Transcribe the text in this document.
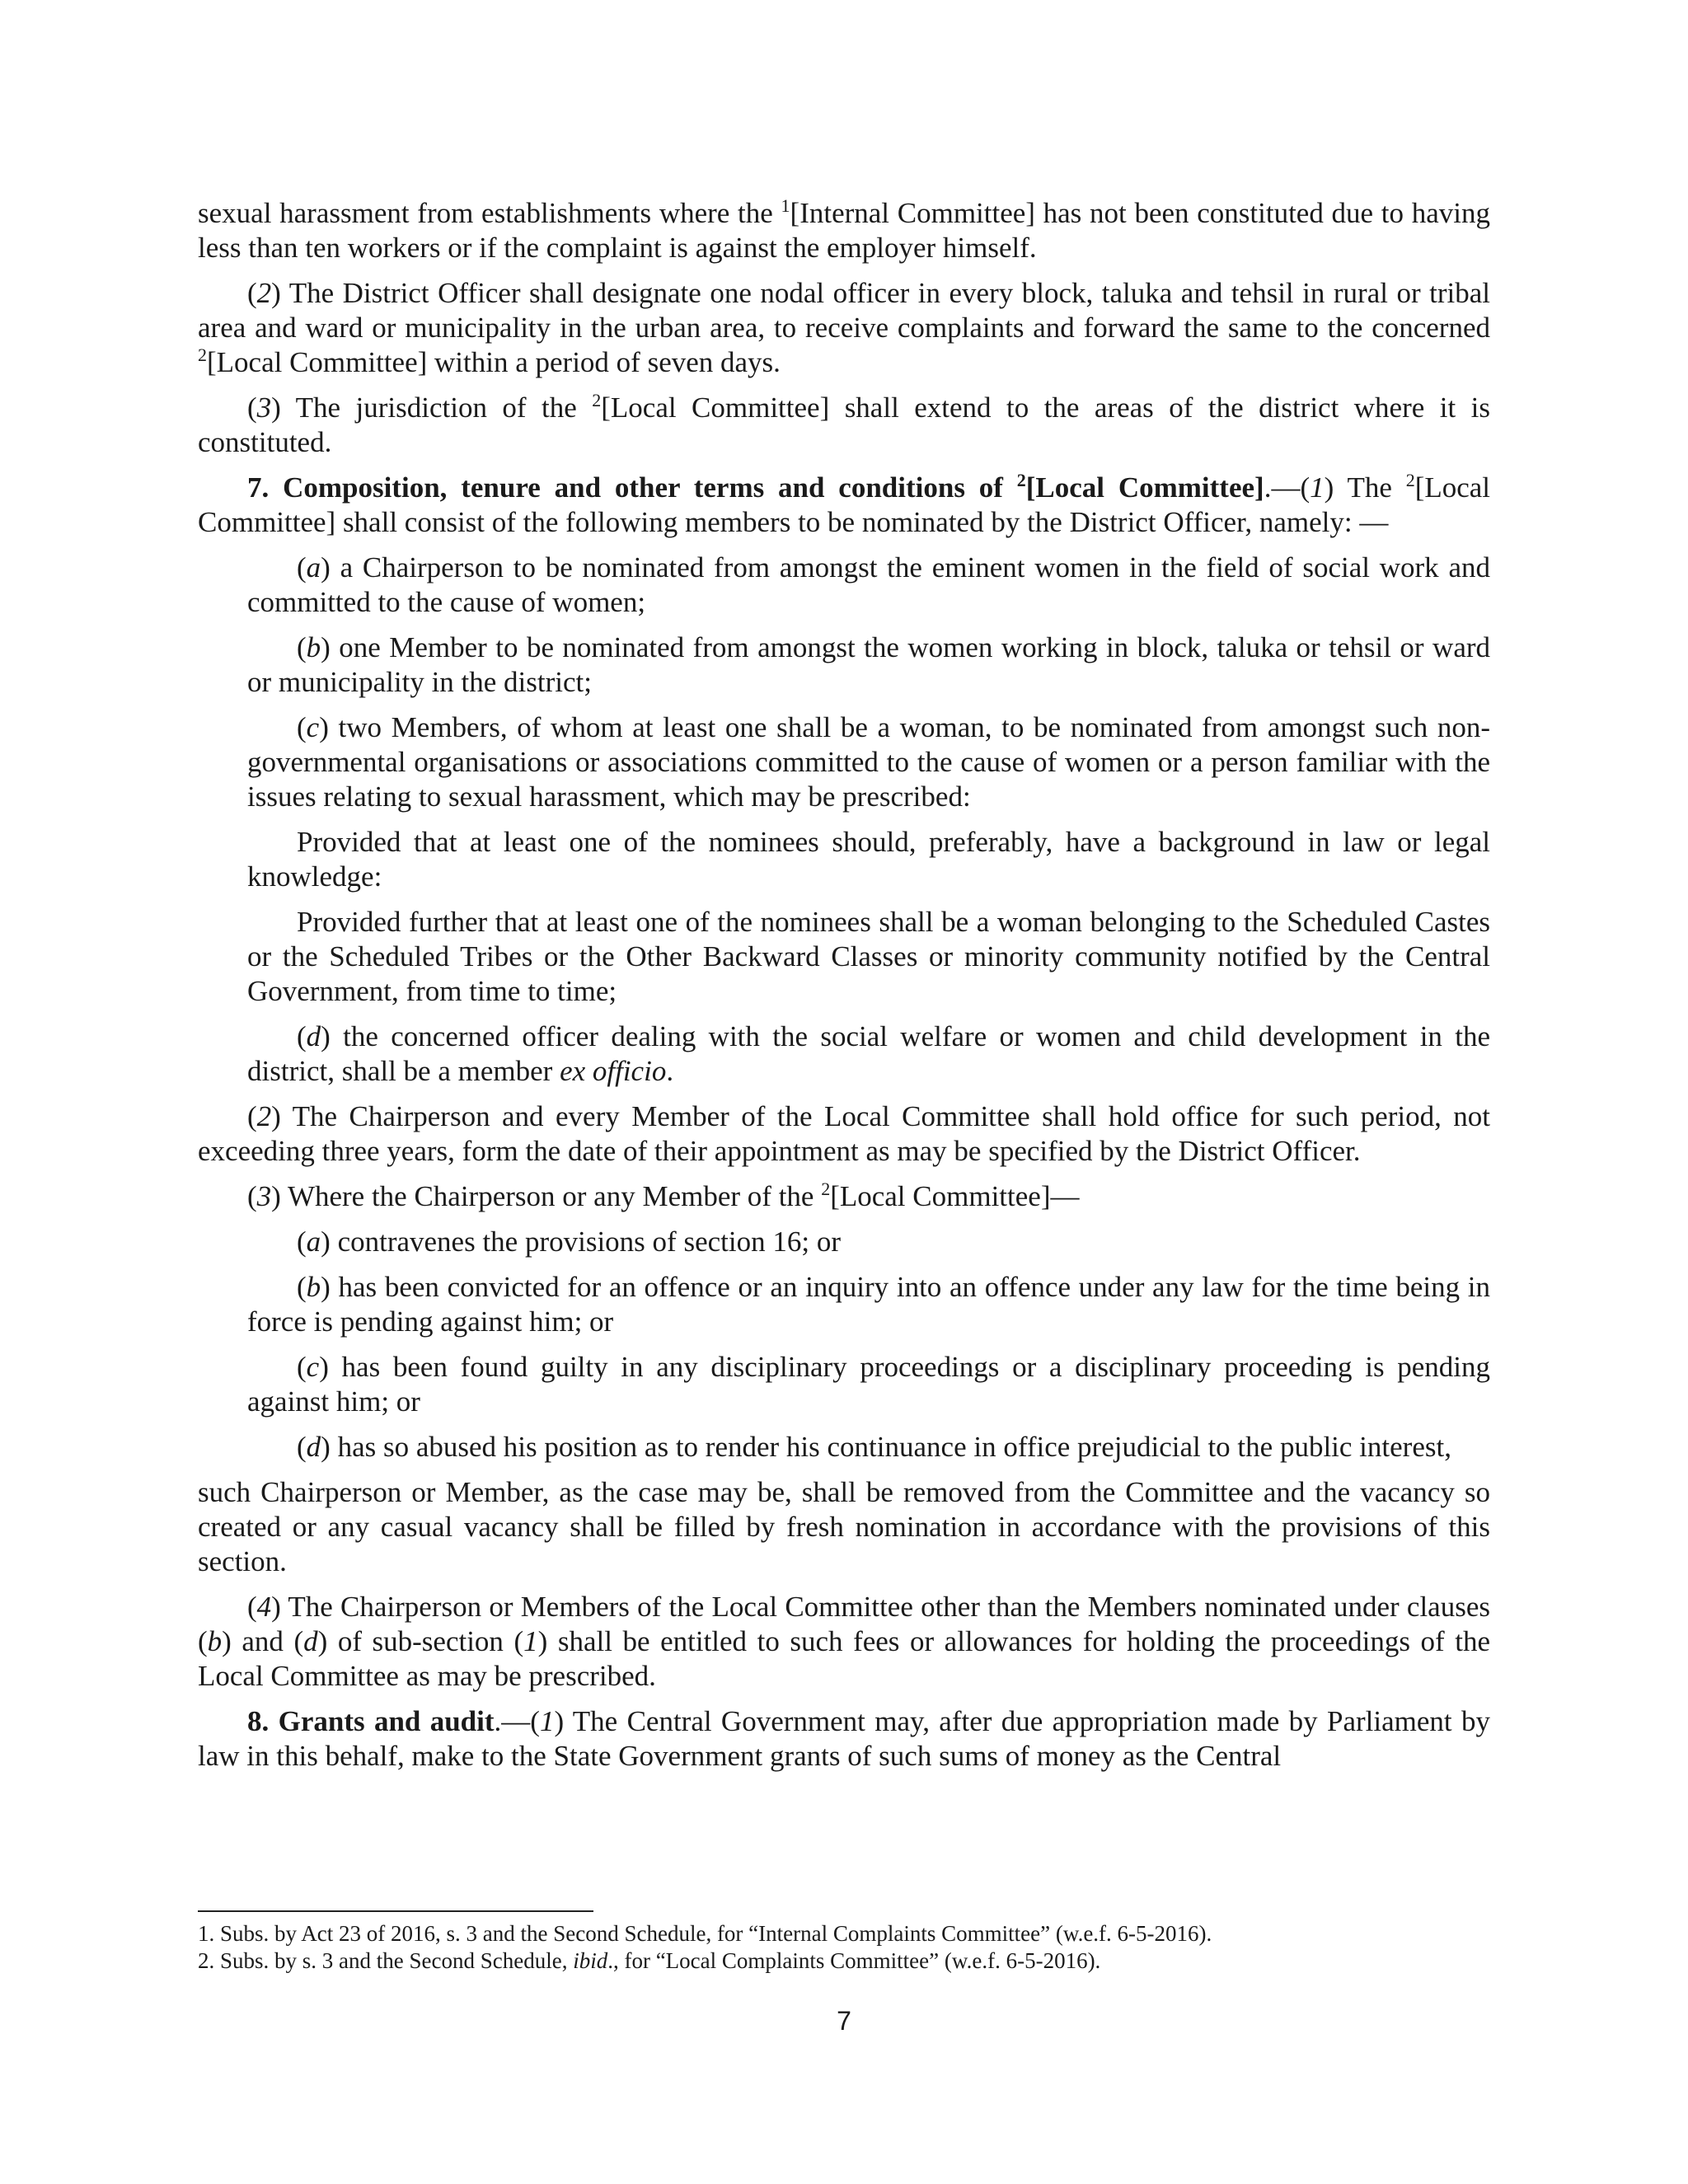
sexual harassment from establishments where the $^1$[Internal Committee] has not been constituted due to having less than ten workers or if the complaint is against the employer himself.

(2) The District Officer shall designate one nodal officer in every block, taluka and tehsil in rural or tribal area and ward or municipality in the urban area, to receive complaints and forward the same to the concerned $^2$[Local Committee] within a period of seven days.

(3) The jurisdiction of the $^2$[Local Committee] shall extend to the areas of the district where it is constituted.

7. Composition, tenure and other terms and conditions of $^2$[Local Committee].—(1) The $^2$[Local Committee] shall consist of the following members to be nominated by the District Officer, namely: —

(a) a Chairperson to be nominated from amongst the eminent women in the field of social work and committed to the cause of women;

(b) one Member to be nominated from amongst the women working in block, taluka or tehsil or ward or municipality in the district;

(c) two Members, of whom at least one shall be a woman, to be nominated from amongst such non-governmental organisations or associations committed to the cause of women or a person familiar with the issues relating to sexual harassment, which may be prescribed:

Provided that at least one of the nominees should, preferably, have a background in law or legal knowledge:

Provided further that at least one of the nominees shall be a woman belonging to the Scheduled Castes or the Scheduled Tribes or the Other Backward Classes or minority community notified by the Central Government, from time to time;

(d) the concerned officer dealing with the social welfare or women and child development in the district, shall be a member ex officio.

(2) The Chairperson and every Member of the Local Committee shall hold office for such period, not exceeding three years, form the date of their appointment as may be specified by the District Officer.

(3) Where the Chairperson or any Member of the $^2$[Local Committee]—

(a) contravenes the provisions of section 16; or

(b) has been convicted for an offence or an inquiry into an offence under any law for the time being in force is pending against him; or

(c) has been found guilty in any disciplinary proceedings or a disciplinary proceeding is pending against him; or

(d) has so abused his position as to render his continuance in office prejudicial to the public interest,

such Chairperson or Member, as the case may be, shall be removed from the Committee and the vacancy so created or any casual vacancy shall be filled by fresh nomination in accordance with the provisions of this section.

(4) The Chairperson or Members of the Local Committee other than the Members nominated under clauses (b) and (d) of sub-section (1) shall be entitled to such fees or allowances for holding the proceedings of the Local Committee as may be prescribed.

8. Grants and audit.—(1) The Central Government may, after due appropriation made by Parliament by law in this behalf, make to the State Government grants of such sums of money as the Central

1. Subs. by Act 23 of 2016, s. 3 and the Second Schedule, for “Internal Complaints Committee” (w.e.f. 6-5-2016).

2. Subs. by s. 3 and the Second Schedule, ibid., for “Local Complaints Committee” (w.e.f. 6-5-2016).

7
